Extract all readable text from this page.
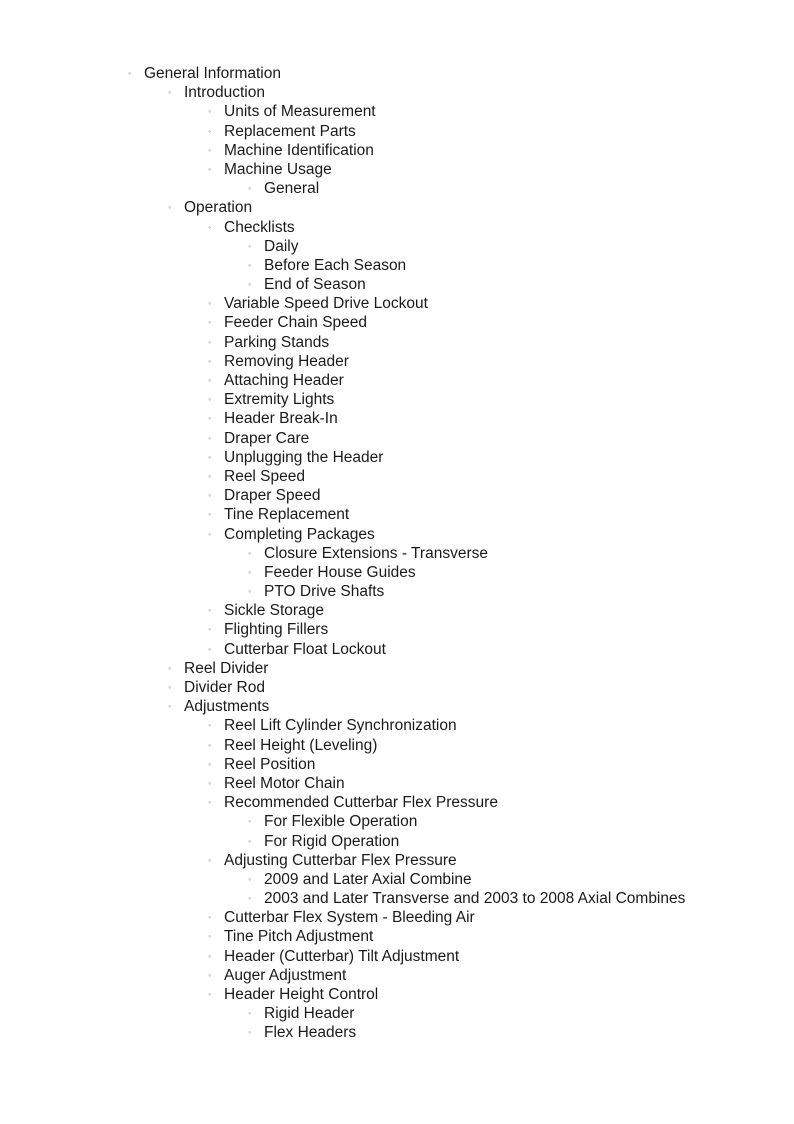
◦ General Information
◦ Introduction
◦ Units of Measurement
◦ Replacement Parts
◦ Machine Identification
◦ Machine Usage
◦ General
◦ Operation
◦ Checklists
◦ Daily
◦ Before Each Season
◦ End of Season
◦ Variable Speed Drive Lockout
◦ Feeder Chain Speed
◦ Parking Stands
◦ Removing Header
◦ Attaching Header
◦ Extremity Lights
◦ Header Break-In
◦ Draper Care
◦ Unplugging the Header
◦ Reel Speed
◦ Draper Speed
◦ Tine Replacement
◦ Completing Packages
◦ Closure Extensions - Transverse
◦ Feeder House Guides
◦ PTO Drive Shafts
◦ Sickle Storage
◦ Flighting Fillers
◦ Cutterbar Float Lockout
◦ Reel Divider
◦ Divider Rod
◦ Adjustments
◦ Reel Lift Cylinder Synchronization
◦ Reel Height (Leveling)
◦ Reel Position
◦ Reel Motor Chain
◦ Recommended Cutterbar Flex Pressure
◦ For Flexible Operation
◦ For Rigid Operation
◦ Adjusting Cutterbar Flex Pressure
◦ 2009 and Later Axial Combine
◦ 2003 and Later Transverse and 2003 to 2008 Axial Combines
◦ Cutterbar Flex System - Bleeding Air
◦ Tine Pitch Adjustment
◦ Header (Cutterbar) Tilt Adjustment
◦ Auger Adjustment
◦ Header Height Control
◦ Rigid Header
◦ Flex Headers
